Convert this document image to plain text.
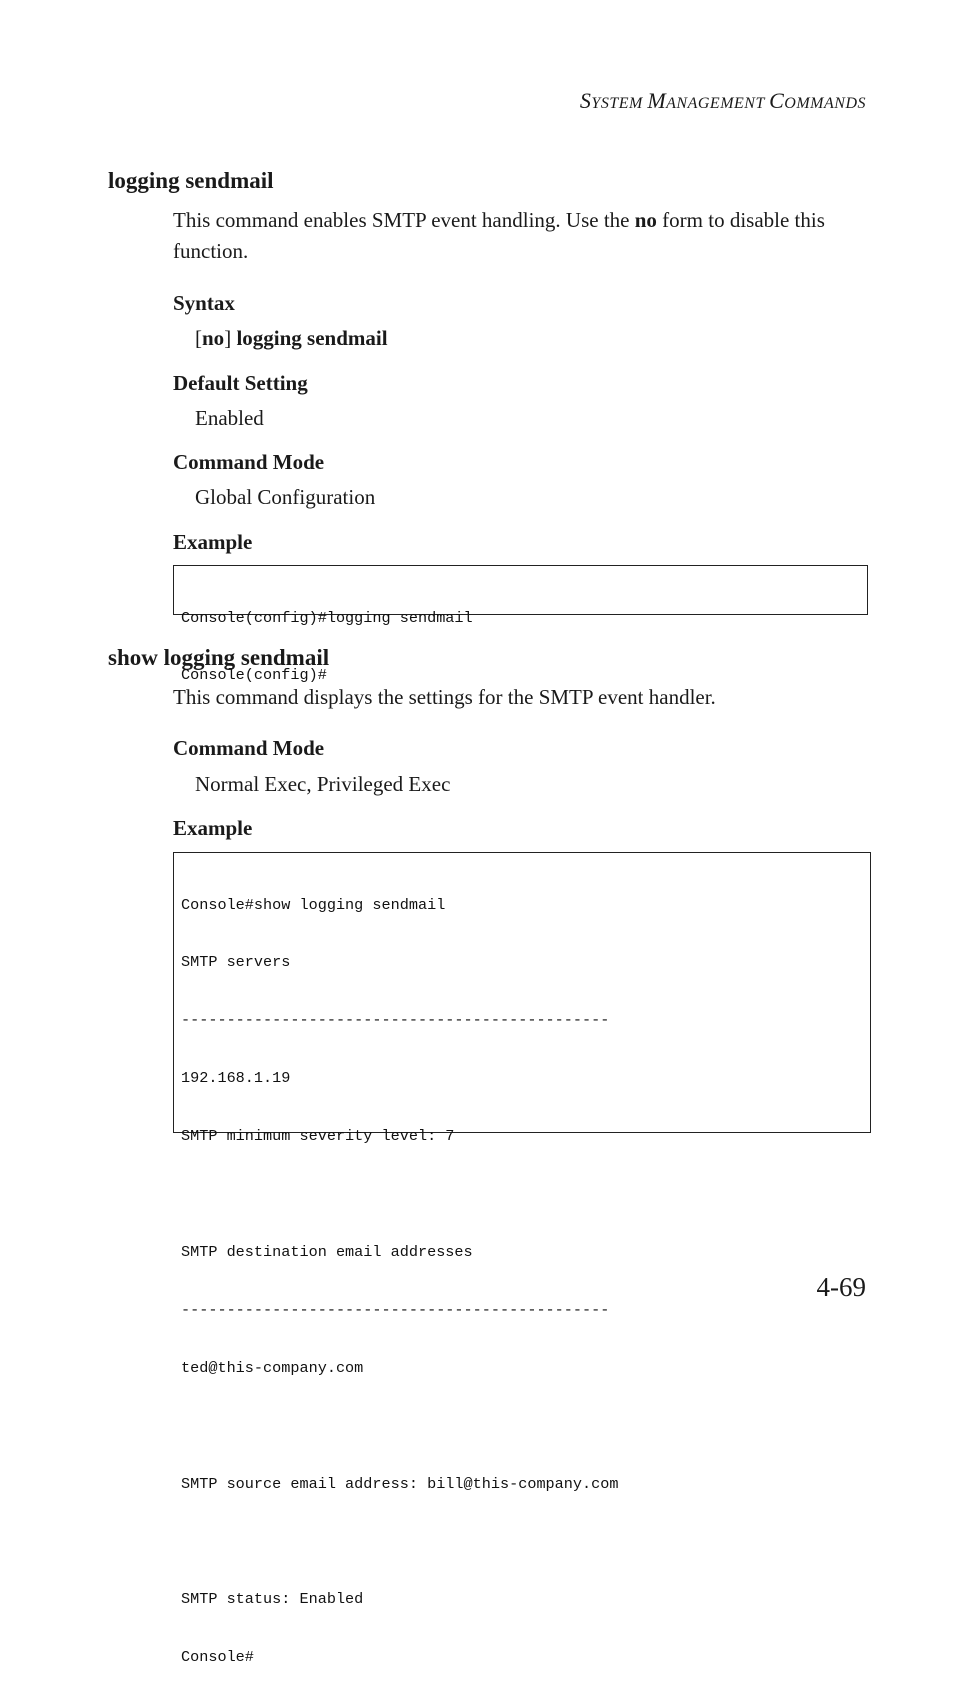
SYSTEM MANAGEMENT COMMANDS
logging sendmail
This command enables SMTP event handling. Use the no form to disable this function.
Syntax
[no] logging sendmail
Default Setting
Enabled
Command Mode
Global Configuration
Example

Console(config)#logging sendmail

Console(config)#

show logging sendmail
This command displays the settings for the SMTP event handler.
Command Mode
Normal Exec, Privileged Exec
Example

Console#show logging sendmail

SMTP servers

-----------------------------------------------

192.168.1.19

SMTP minimum severity level: 7

SMTP destination email addresses

-----------------------------------------------

ted@this-company.com

SMTP source email address: bill@this-company.com

SMTP status: Enabled

Console#

4-69
